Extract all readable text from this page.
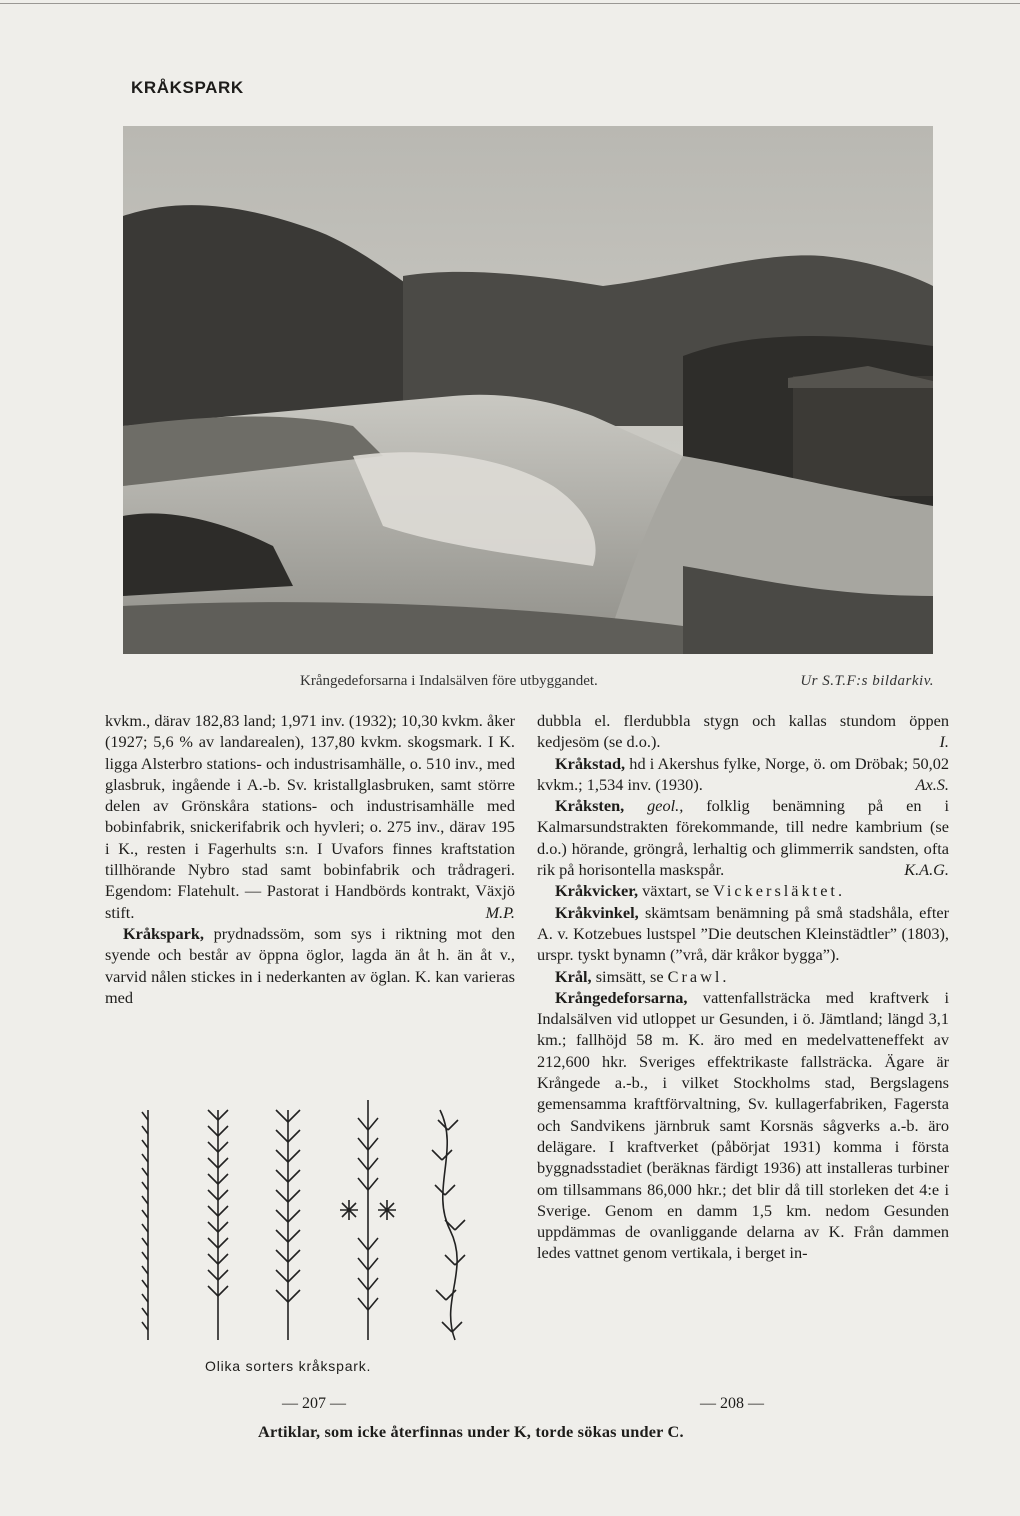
KRÅKSPARK
Krångedeforsarna i Indalsälven före utbyggandet.	Ur S.T.F:s bildarkiv.

kvkm., därav 182,83 land; 1,971 inv. (1932); 10,30 kvkm. åker (1927; 5,6 % av landarealen), 137,80 kvkm. skogsmark. I K. ligga Alsterbro stations- och industrisamhälle, o. 510 inv., med glasbruk, ingående i A.-b. Sv. kristallglasbruken, samt större delen av Grönskåra stations- och industrisamhälle med bobinfabrik, snickerifabrik och hyvleri; o. 275 inv., därav 195 i K., resten i Fagerhults s:n. I Uvafors finnes kraftstation tillhörande Nybro stad samt bobinfabrik och trådrageri. Egendom: Flatehult. — Pastorat i Handbörds kontrakt, Växjö stift.	M.P.

Kråkspark, prydnadssöm, som sys i riktning mot den syende och består av öppna öglor, lagda än åt h. än åt v., varvid nålen stickes in i nederkanten av öglan. K. kan varieras med

Olika sorters kråkspark.

dubbla el. flerdubbla stygn och kallas stundom öppen kedjesöm (se d.o.).	I.

Kråkstad, hd i Akershus fylke, Norge, ö. om Dröbak; 50,02 kvkm.; 1,534 inv. (1930).	Ax.S.

Kråksten, geol., folklig benämning på en i Kalmarsundstrakten förekommande, till nedre kambrium (se d.o.) hörande, gröngrå, lerhaltig och glimmerrik sandsten, ofta rik på horisontella maskspår.	K.A.G.

Kråkvicker, växtart, se Vickersläktet.

Kråkvinkel, skämtsam benämning på små stadshåla, efter A. v. Kotzebues lustspel ”Die deutschen Kleinstädtler” (1803), urspr. tyskt bynamn (”vrå, där kråkor bygga”).

Krål, simsätt, se Crawl.

Krångedeforsarna, vattenfallsträcka med kraftverk i Indalsälven vid utloppet ur Gesunden, i ö. Jämtland; längd 3,1 km.; fallhöjd 58 m. K. äro med en medelvatteneffekt av 212,600 hkr. Sveriges effektrikaste fallsträcka. Ägare är Krångede a.-b., i vilket Stockholms stad, Bergslagens gemensamma kraftförvaltning, Sv. kullagerfabriken, Fagersta och Sandvikens järnbruk samt Korsnäs sågverks a.-b. äro delägare. I kraftverket (påbörjat 1931) komma i första byggnadsstadiet (beräknas färdigt 1936) att installeras turbiner om tillsammans 86,000 hkr.; det blir då till storleken det 4:e i Sverige. Genom en damm 1,5 km. nedom Gesunden uppdämmas de ovanliggande delarna av K. Från dammen ledes vattnet genom vertikala, i berget in-

— 207 —	— 208 —
Artiklar, som icke återfinnas under K, torde sökas under C.
